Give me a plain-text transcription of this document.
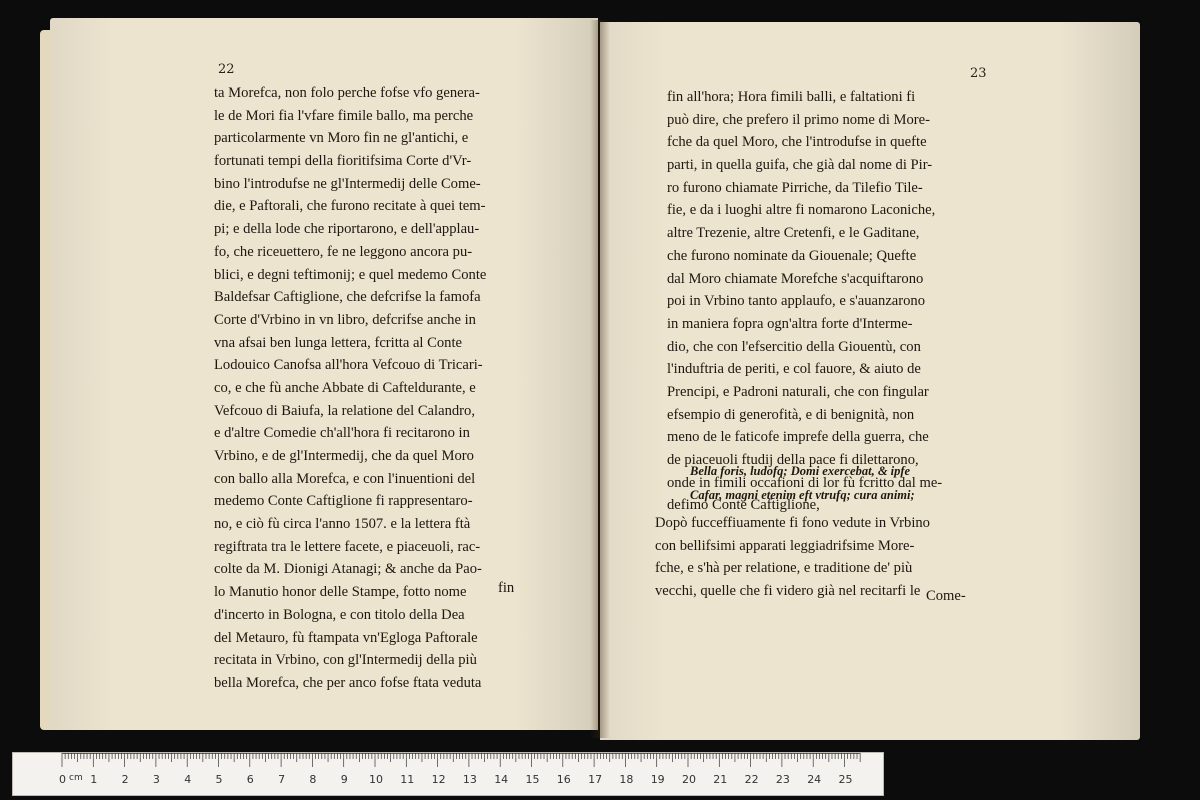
22	23
ta Morefca, non folo perche fofse vfo genera-
le de Mori fia l'vfare fimile ballo, ma perche
particolarmente vn Moro fin ne gl'antichi, e
fortunati tempi della fioritifsima Corte d'Vr-
bino l'introdufse ne gl'Intermedij delle Come-
die, e Paftorali, che furono recitate à quei tem-
pi; e della lode che riportarono, e dell'applau-
fo, che riceuettero, fe ne leggono ancora pu-
blici, e degni teftimonij; e quel medemo Conte
Baldefsar Caftiglione, che defcrifse la famofa
Corte d'Vrbino in vn libro, defcrifse anche in
vna afsai ben lunga lettera, fcritta al Conte
Lodouico Canofsa all'hora Vefcouo di Tricari-
co, e che fù anche Abbate di Cafteldurante, e
Vefcouo di Baiufa, la relatione del Calandro,
e d'altre Comedie ch'all'hora fi recitarono in
Vrbino, e de gl'Intermedij, che da quel Moro
con ballo alla Morefca, e con l'inuentioni del
medemo Conte Caftiglione fi rappresentaro-
no, e ciò fù circa l'anno 1507. e la lettera ftà
regiftrata tra le lettere facete, e piaceuoli, rac-
colte da M. Dionigi Atanagi; & anche da Pao-
lo Manutio honor delle Stampe, fotto nome
d'incerto in Bologna, e con titolo della Dea
del Metauro, fù ftampata vn'Egloga Paftorale
recitata in Vrbino, con gl'Intermedij della più
bella Morefca, che per anco fofse ftata veduta
fin
fin all'hora; Hora fimili balli, e faltationi fi
può dire, che prefero il primo nome di More-
fche da quel Moro, che l'introdufse in quefte
parti, in quella guifa, che già dal nome di Pir-
ro furono chiamate Pirriche, da Tilefio Tile-
fie, e da i luoghi altre fi nomarono Laconiche,
altre Trezenie, altre Cretenfi, e le Gaditane,
che furono nominate da Giouenale; Quefte
dal Moro chiamate Morefche s'acquiftarono
poi in Vrbino tanto applaufo, e s'auanzarono
in maniera fopra ogn'altra forte d'Interme-
dio, che con l'efsercitio della Giouentù, con
l'induftria de periti, e col fauore, & aiuto de
Prencipi, e Padroni naturali, che con fingular
efsempio di generofità, e di benignità, non
meno de le faticofe imprefe della guerra, che
de piaceuoli ftudij della pace fi dilettarono,
onde in fimili occafioni di lor fù fcritto dal me-
defimo Conte Caftiglione,
Bella foris, ludofq; Domi exercebat, & ipfe
Cafar, magni etenim eft vtrufq; cura animi;
Dopò fucceffiuamente fi fono vedute in Vrbino
con bellifsimi apparati leggiadrifsime More-
fche, e s'hà per relatione, e traditione de' più
vecchi, quelle che fi videro già nel recitarfi le Come-
cm
0 1 2 3 4 5 6 7 8 9 10 11 12 13 14 15 16 17 18 19 20 21 22 23 24 25
